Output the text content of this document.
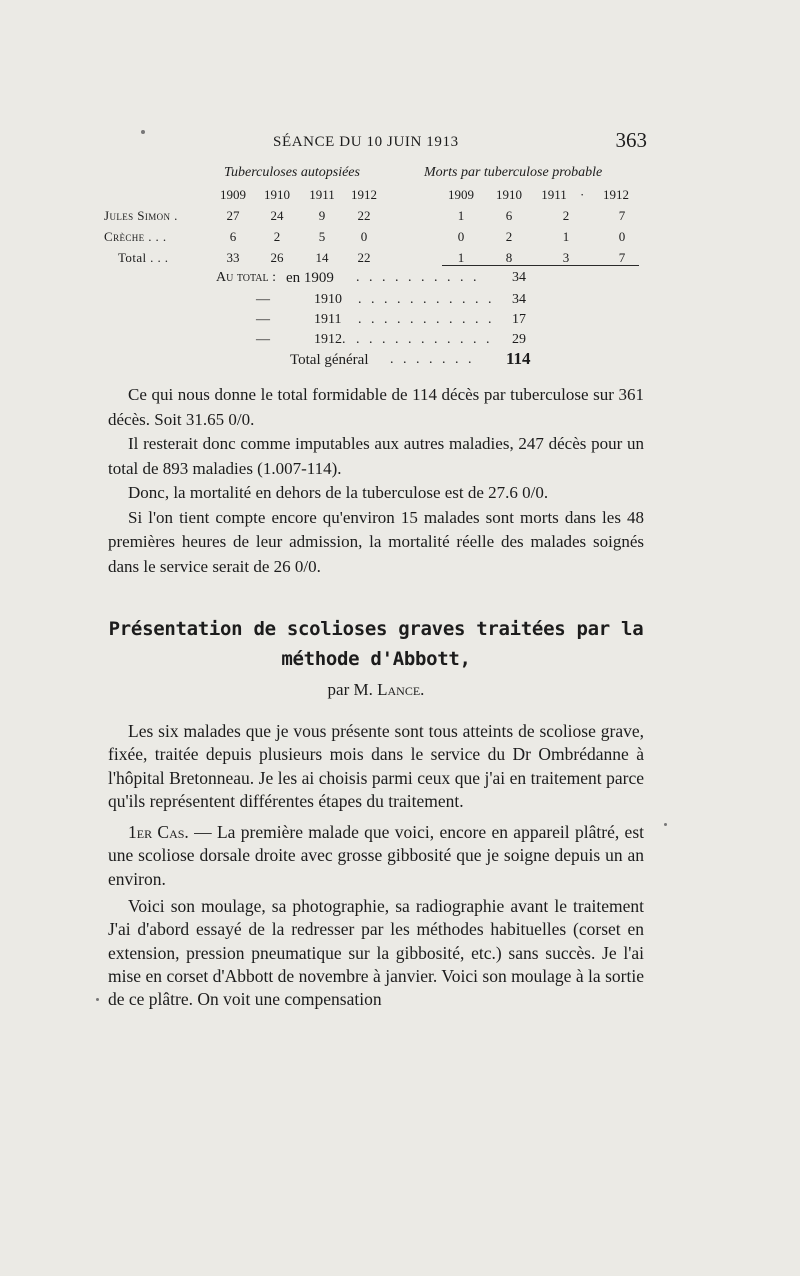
SÉANCE DU 10 JUIN 1913	363
Tuberculoses autopsiées	Morts par tuberculose probable
1909	1910	1911	1912	1909	1910	1911	·	1912
Jules Simon .	27	24	9	22	1	6	2	7
Crèche . . .	6	2	5	0	0	2	1	0
Total . . .	33	26	14	22	1	8	3	7
Au total : en 1909 . . . . . . . . . . 34
—	1910 . . . . . . . . . . . 34
—	1911 . . . . . . . . . . . 17
—	1912. . . . . . . . . . . . 29
Total général . . . . . . . 114

Ce qui nous donne le total formidable de 114 décès par tuberculose sur 361 décès. Soit 31.65 0/0.

Il resterait donc comme imputables aux autres maladies, 247 décès pour un total de 893 maladies (1.007-114).

Donc, la mortalité en dehors de la tuberculose est de 27.6 0/0.

Si l'on tient compte encore qu'environ 15 malades sont morts dans les 48 premières heures de leur admission, la mortalité réelle des malades soignés dans le service serait de 26 0/0.

Présentation de scolioses graves traitées par la
méthode d'Abbott,
par M. Lance.

Les six malades que je vous présente sont tous atteints de scoliose grave, fixée, traitée depuis plusieurs mois dans le service du Dr Ombrédanne à l'hôpital Bretonneau. Je les ai choisis parmi ceux que j'ai en traitement parce qu'ils représentent différentes étapes du traitement.

1er Cas. — La première malade que voici, encore en appareil plâtré, est une scoliose dorsale droite avec grosse gibbosité que je soigne depuis un an environ.

Voici son moulage, sa photographie, sa radiographie avant le traitement J'ai d'abord essayé de la redresser par les méthodes habituelles (corset en extension, pression pneumatique sur la gibbosité, etc.) sans succès. Je l'ai mise en corset d'Abbott de novembre à janvier. Voici son moulage à la sortie de ce plâtre. On voit une compensation
